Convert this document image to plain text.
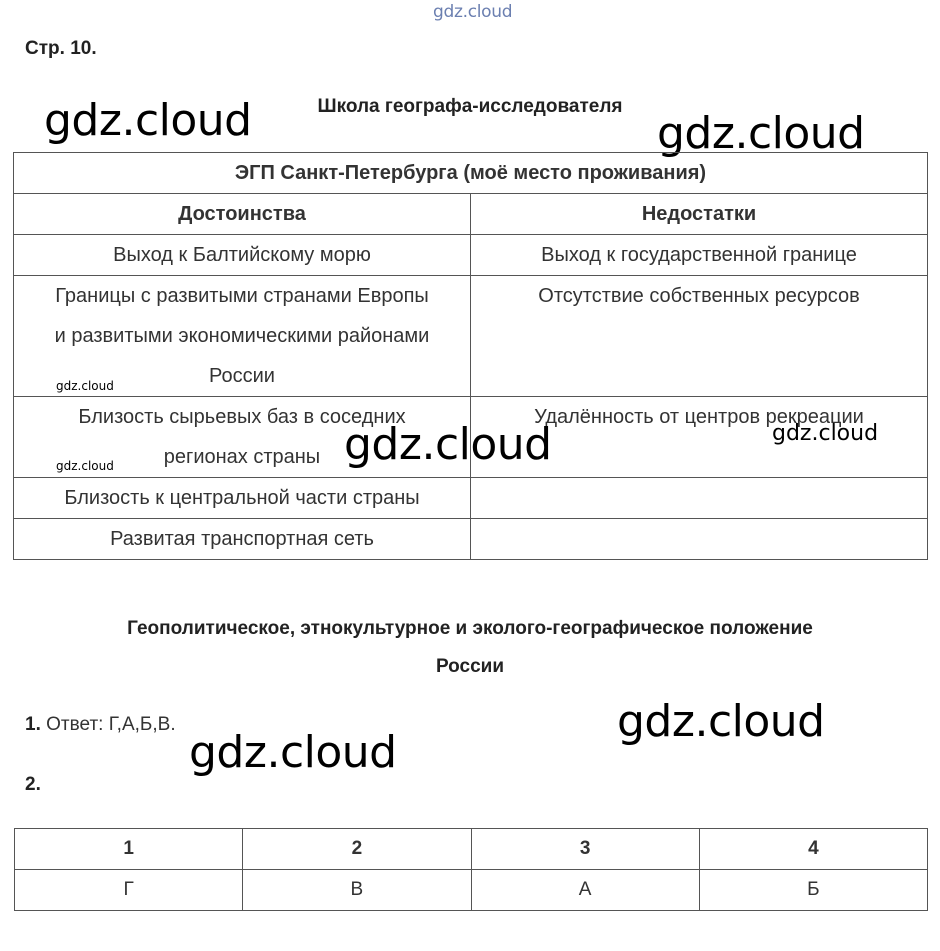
gdz.cloud
gdz.cloud	gdz.cloud
Стр. 10.
Школа географа-исследователя
ЭГП Санкт-Петербурга (моё место проживания)	
Достоинства	Недостатки
Выход к Балтийскому морю	Выход к государственной границе

Границы с развитыми странами Европы
и развитыми экономическими районами
России	Отсутствие собственных ресурсов

Близость сырьевых баз в соседних
регионах страны	Удалённость от центров рекреации

Близость к центральной части страны	
Развитая транспортная сеть	
gdz.cloud
gdz.cloud
gdz.cloud
gdz.cloud
Геополитическое, этнокультурное и эколого-географическое положение
России
1. Ответ: Г,А,Б,В.	gdz.cloud
gdz.cloud
2.
1	2	3	4
Г	В	А	Б
